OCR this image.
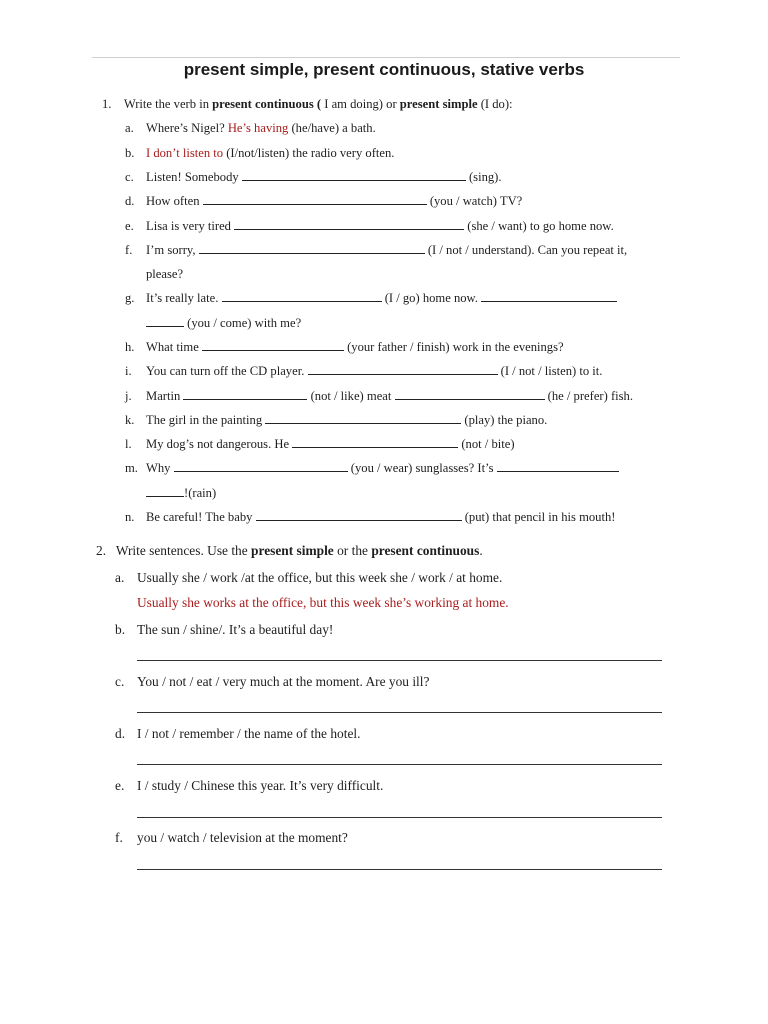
present simple, present continuous, stative verbs
1. Write the verb in present continuous ( I am doing) or present simple (I do):
a. Where’s Nigel? He’s having (he/have) a bath.
b. I don’t listen to (I/not/listen) the radio very often.
c. Listen! Somebody	(sing).
d. How often	(you / watch) TV?
e. Lisa is very tired	(she / want) to go home now.
f.	I’m sorry,	(I / not / understand). Can you repeat it,
please?
g. It’s really late.	(I / go) home now.
(you / come) with me?
h. What time	(your father / finish) work in the evenings?
i.	You can turn off the CD player.	(I / not / listen) to it.
j.	Martin	(not / like) meat	(he / prefer) fish.
k. The girl in the painting	(play) the piano.
l.	My dog’s not dangerous. He	(not / bite)
m. Why	(you / wear) sunglasses? It’s
!(rain)
n. Be careful! The baby	(put) that pencil in his mouth!
2. Write sentences. Use the present simple or the present continuous.
a. Usually she / work /at the office, but this week she / work / at home.
Usually she works at the office, but this week she’s working at home.
b. The sun / shine/. It’s a beautiful day!
c. You / not / eat / very much at the moment. Are you ill?
d. I / not / remember / the name of the hotel.
e. I / study / Chinese this year. It’s very difficult.
f.	you / watch / television at the moment?
